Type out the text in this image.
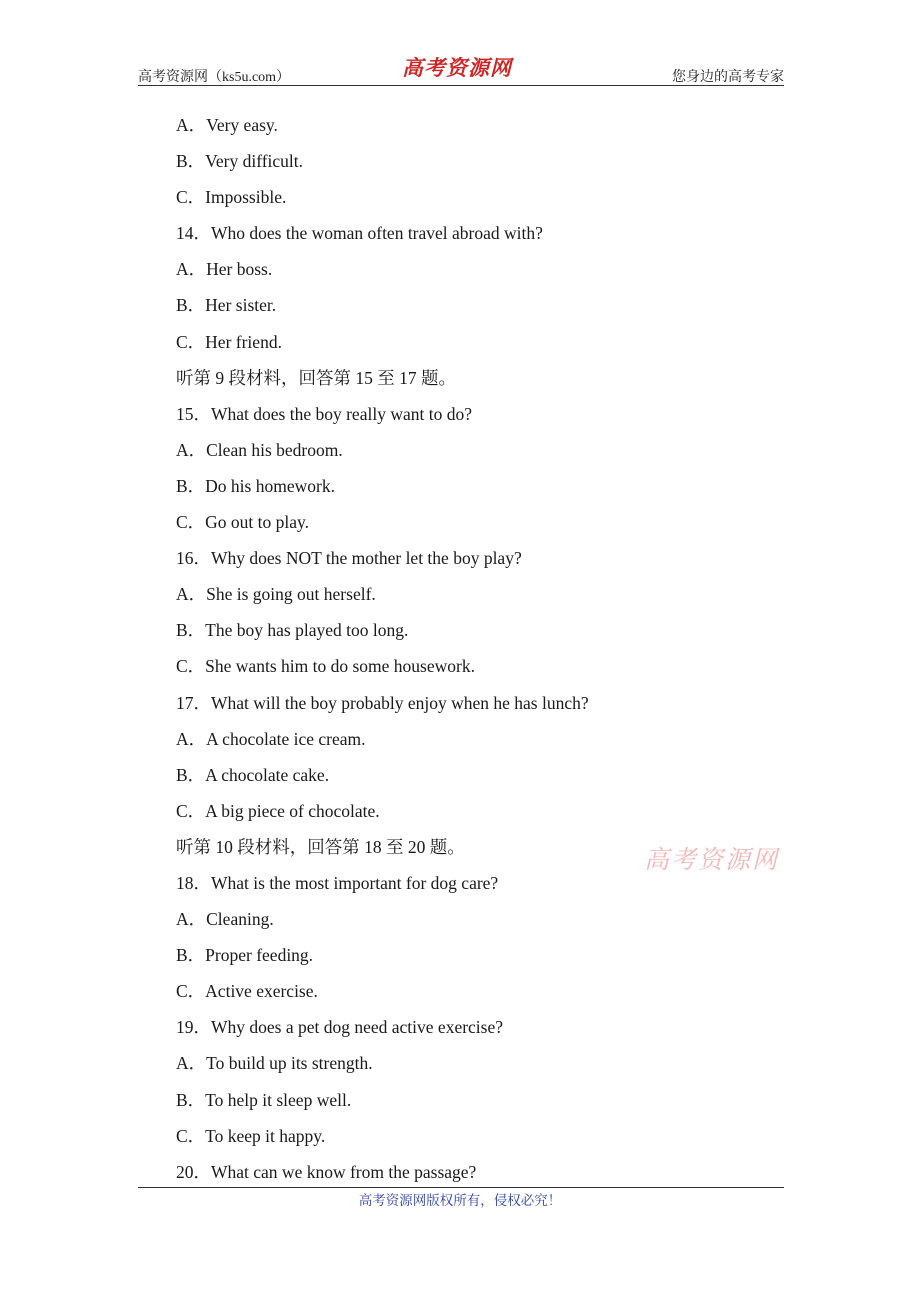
高考资源网（ks5u.com）	高考资源网	您身边的高考专家
A．Very easy.
B．Very difficult.
C．Impossible.
14．Who does the woman often travel abroad with?
A．Her boss.
B．Her sister.
C．Her friend.
听第 9 段材料，回答第 15 至 17 题。
15．What does the boy really want to do?
A．Clean his bedroom.
B．Do his homework.
C．Go out to play.
16．Why does NOT the mother let the boy play?
A．She is going out herself.
B．The boy has played too long.
C．She wants him to do some housework.
17．What will the boy probably enjoy when he has lunch?
A．A chocolate ice cream.
B．A chocolate cake.
C．A big piece of chocolate.
听第 10 段材料，回答第 18 至 20 题。
18．What is the most important for dog care?
A．Cleaning.
B．Proper feeding.
C．Active exercise.
19．Why does a pet dog need active exercise?
A．To build up its strength.
B．To help it sleep well.
C．To keep it happy.
20．What can we know from the passage?
高考资源网
高考资源网版权所有，侵权必究！
